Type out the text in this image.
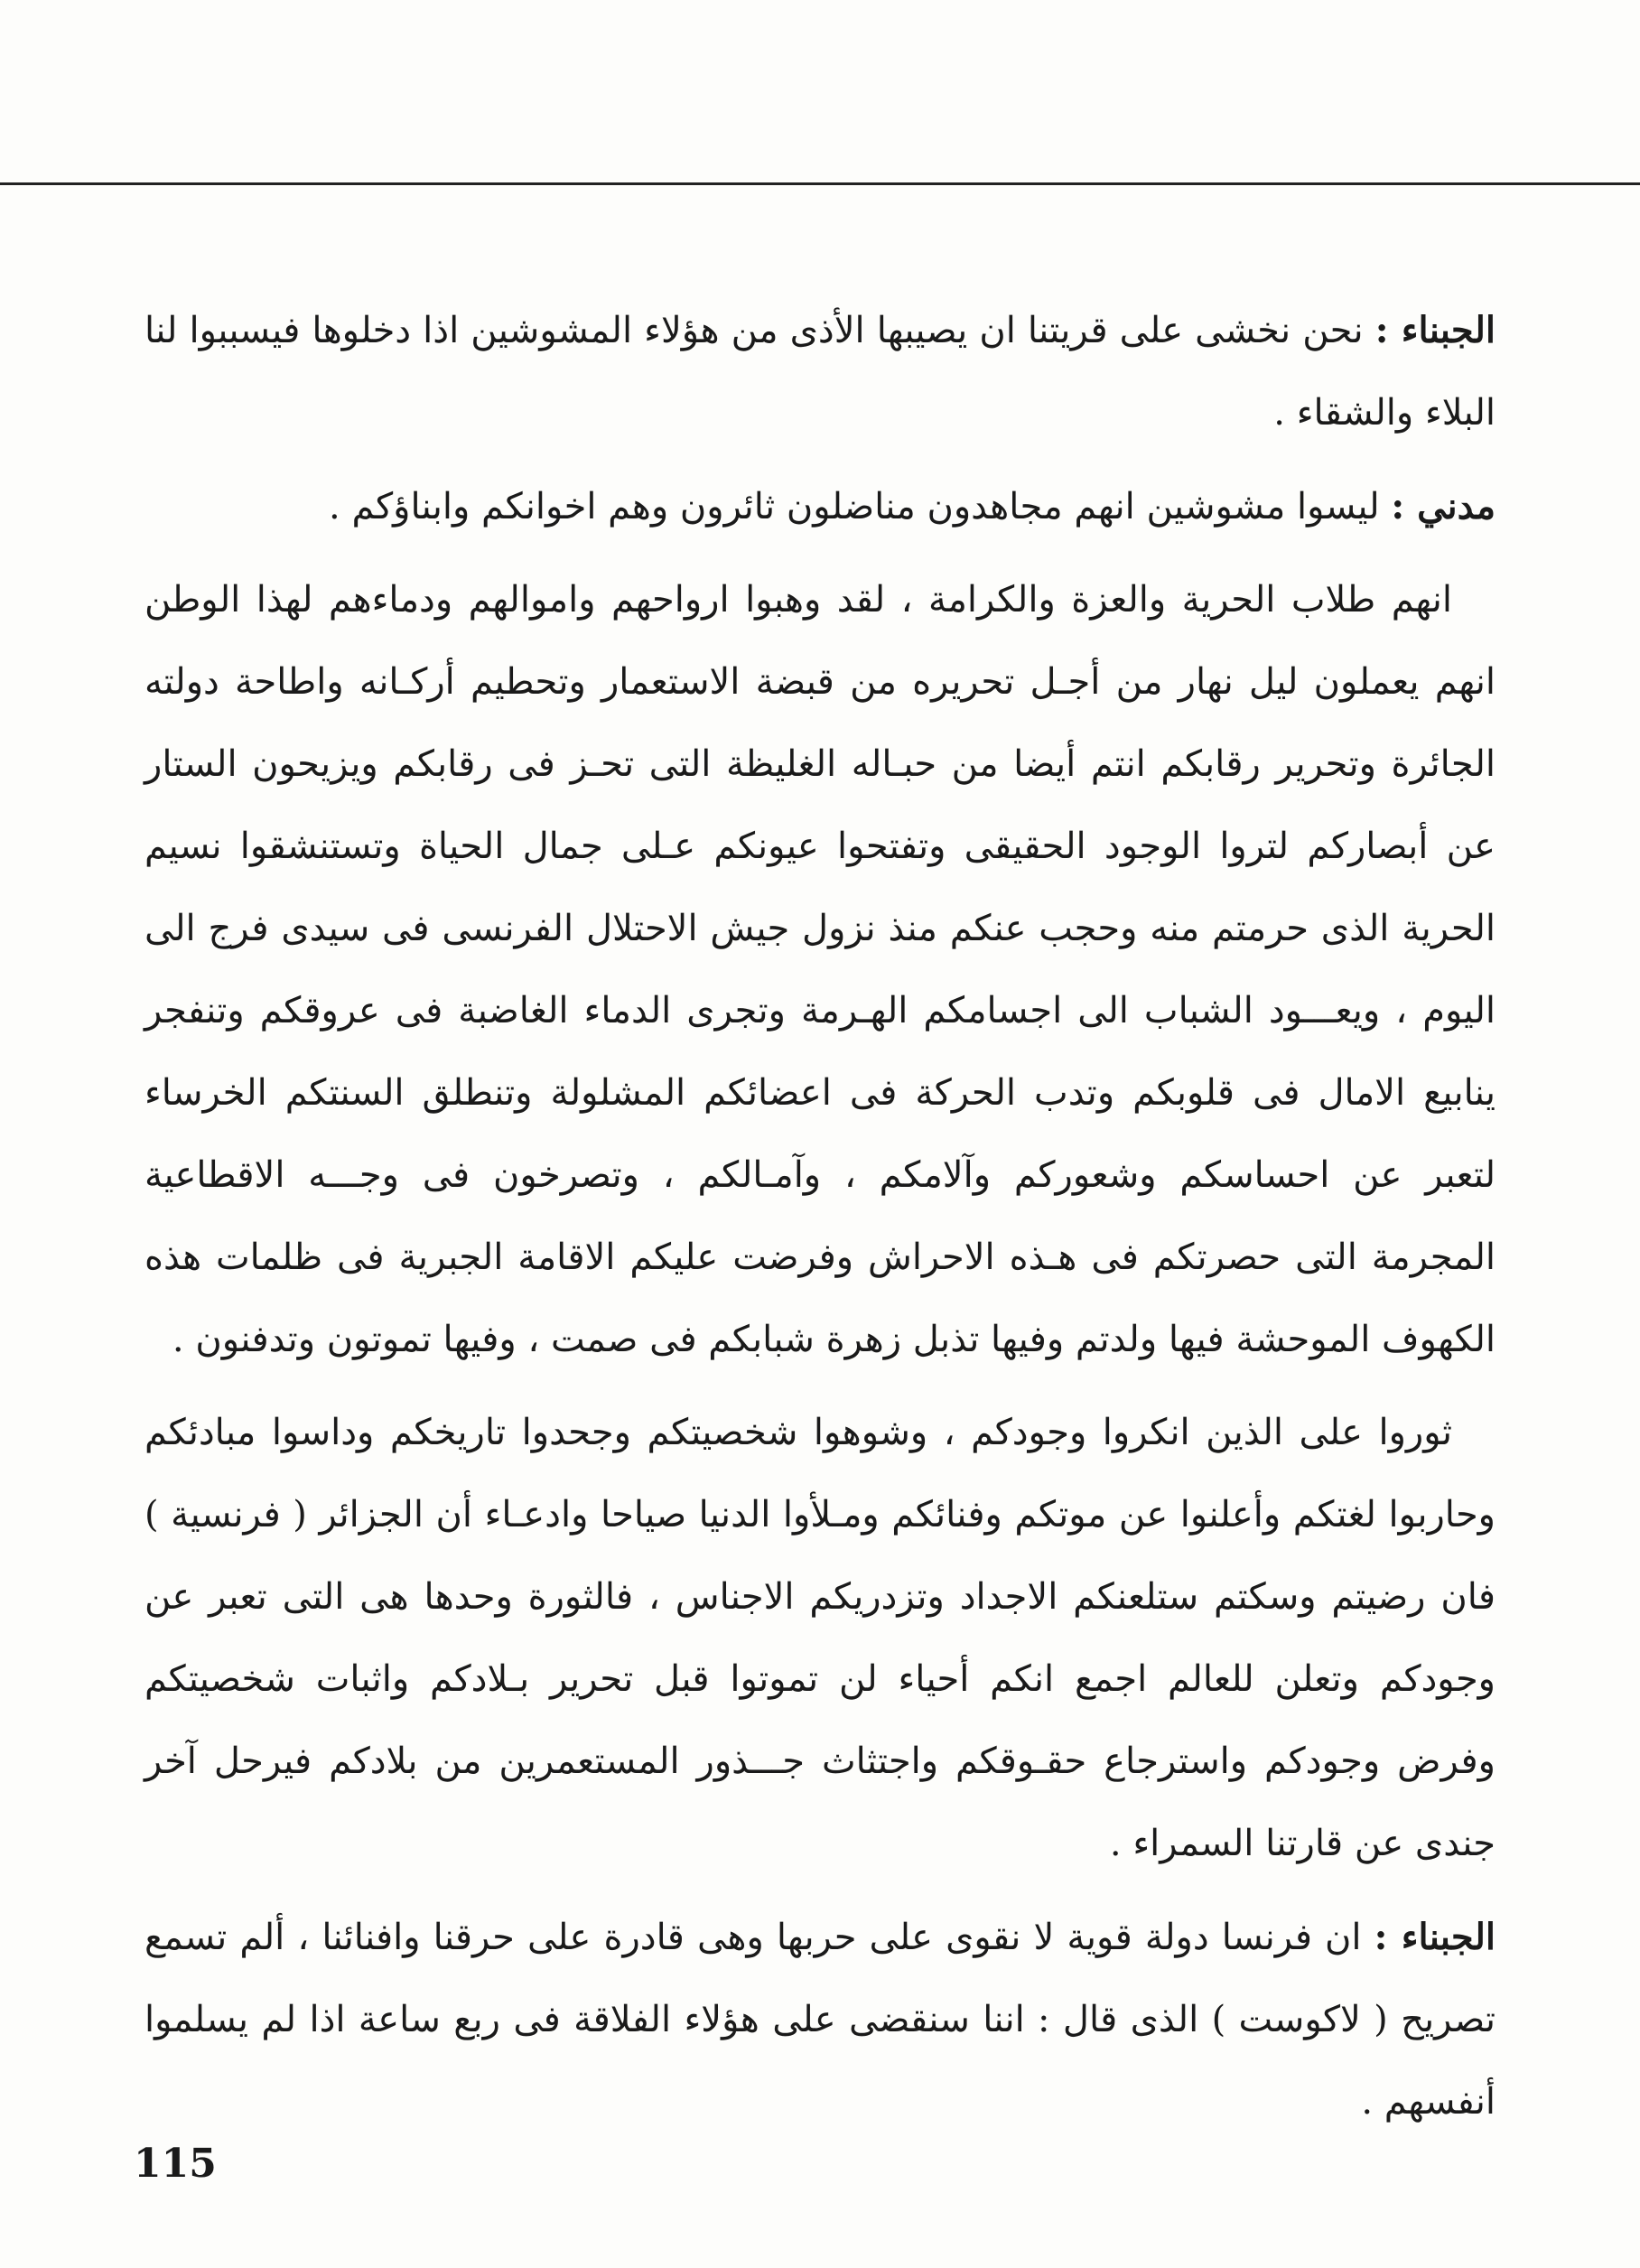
الجبناء : نحن نخشى على قريتنا ان يصيبها الأذى من هؤلاء المشوشين اذا دخلوها فيسببوا لنا البلاء والشقاء .

مدني : ليسوا مشوشين انهم مجاهدون مناضلون ثائرون وهم اخوانكم وابناؤكم .

انهم طلاب الحرية والعزة والكرامة ، لقد وهبوا ارواحهم واموالهم ودماءهم لهذا الوطن انهم يعملون ليل نهار من أجـل تحريره من قبضة الاستعمار وتحطيم أركـانه واطاحة دولته الجائرة وتحرير رقابكم انتم أيضا من حبـاله الغليظة التى تحـز فى رقابكم ويزيحون الستار عن أبصاركم لتروا الوجود الحقيقى وتفتحوا عيونكم عـلى جمال الحياة وتستنشقوا نسيم الحرية الذى حرمتم منه وحجب عنكم منذ نزول جيش الاحتلال الفرنسى فى سيدى فرج الى اليوم ، ويعـــود الشباب الى اجسامكم الهـرمة وتجرى الدماء الغاضبة فى عروقكم وتنفجر ينابيع الامال فى قلوبكم وتدب الحركة فى اعضائكم المشلولة وتنطلق السنتكم الخرساء لتعبر عن احساسكم وشعوركم وآلامكم ، وآمـالكم ، وتصرخون فى وجـــه الاقطاعية المجرمة التى حصرتكم فى هـذه الاحراش وفرضت عليكم الاقامة الجبرية فى ظلمات هذه الكهوف الموحشة فيها ولدتم وفيها تذبل زهرة شبابكم فى صمت ، وفيها تموتون وتدفنون .

ثوروا على الذين انكروا وجودكم ، وشوهوا شخصيتكم وجحدوا تاريخكم وداسوا مبادئكم وحاربوا لغتكم وأعلنوا عن موتكم وفنائكم ومـلأوا الدنيا صياحا وادعـاء أن الجزائر ( فرنسية ) فان رضيتم وسكتم ستلعنكم الاجداد وتزدريكم الاجناس ، فالثورة وحدها هى التى تعبر عن وجودكم وتعلن للعالم اجمع انكم أحياء لن تموتوا قبل تحرير بـلادكم واثبات شخصيتكم وفرض وجودكم واسترجاع حقـوقكم واجتثاث جـــذور المستعمرين من بلادكم فيرحل آخر جندى عن قارتنا السمراء .

الجبناء : ان فرنسا دولة قوية لا نقوى على حربها وهى قادرة على حرقنا وافنائنا ، ألم تسمع تصريح ( لاكوست ) الذى قال : اننا سنقضى على هؤلاء الفلاقة فى ربع ساعة اذا لم يسلموا أنفسهم .

115
